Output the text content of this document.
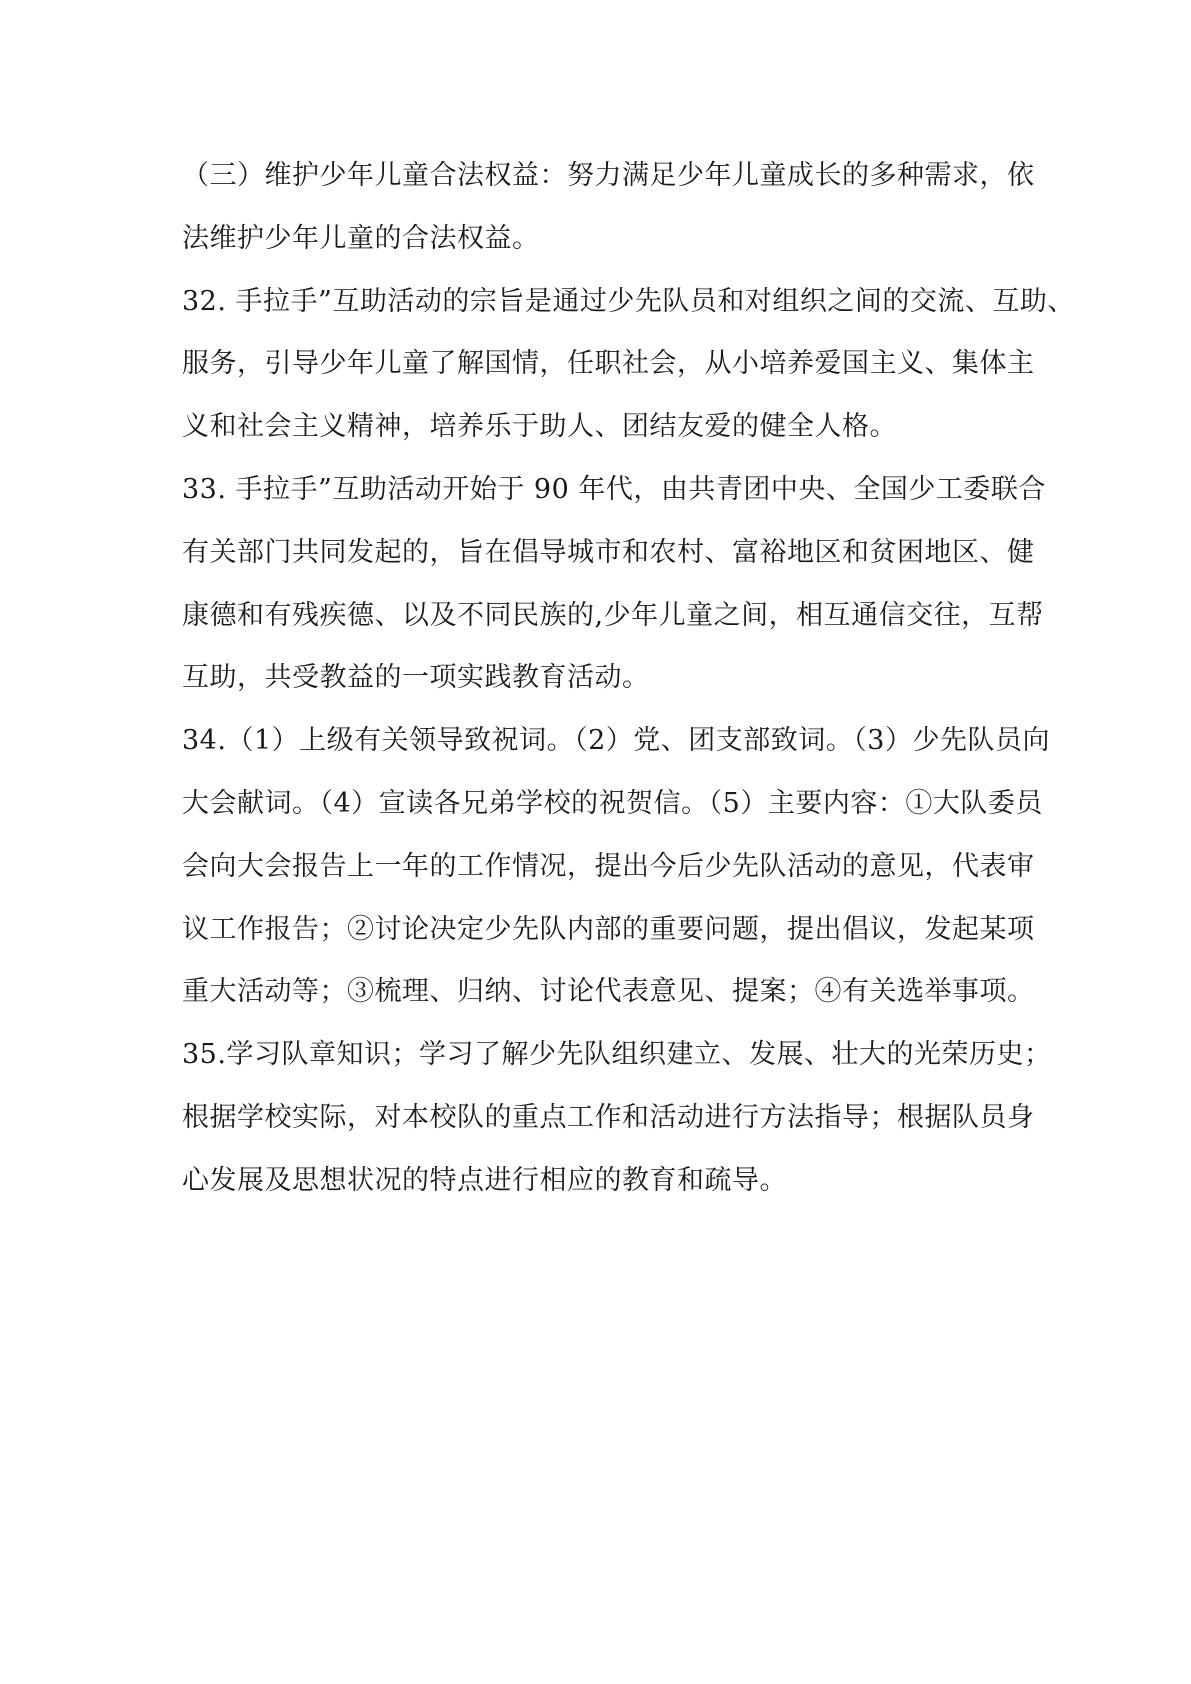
（三）维护少年儿童合法权益：努力满足少年儿童成长的多种需求，依
法维护少年儿童的合法权益。
32. 手拉手”互助活动的宗旨是通过少先队员和对组织之间的交流、互助、
服务，引导少年儿童了解国情，任职社会，从小培养爱国主义、集体主
义和社会主义精神，培养乐于助人、团结友爱的健全人格。
33. 手拉手”互助活动开始于 90 年代，由共青团中央、全国少工委联合
有关部门共同发起的，旨在倡导城市和农村、富裕地区和贫困地区、健
康德和有残疾德、以及不同民族的,少年儿童之间，相互通信交往，互帮
互助，共受教益的一项实践教育活动。
34.（1）上级有关领导致祝词。（2）党、团支部致词。（3）少先队员向
大会献词。（4）宣读各兄弟学校的祝贺信。（5）主要内容：①大队委员
会向大会报告上一年的工作情况，提出今后少先队活动的意见，代表审
议工作报告；②讨论决定少先队内部的重要问题，提出倡议，发起某项
重大活动等；③梳理、归纳、讨论代表意见、提案；④有关选举事项。
35.学习队章知识；学习了解少先队组织建立、发展、壮大的光荣历史；
根据学校实际，对本校队的重点工作和活动进行方法指导；根据队员身
心发展及思想状况的特点进行相应的教育和疏导。
